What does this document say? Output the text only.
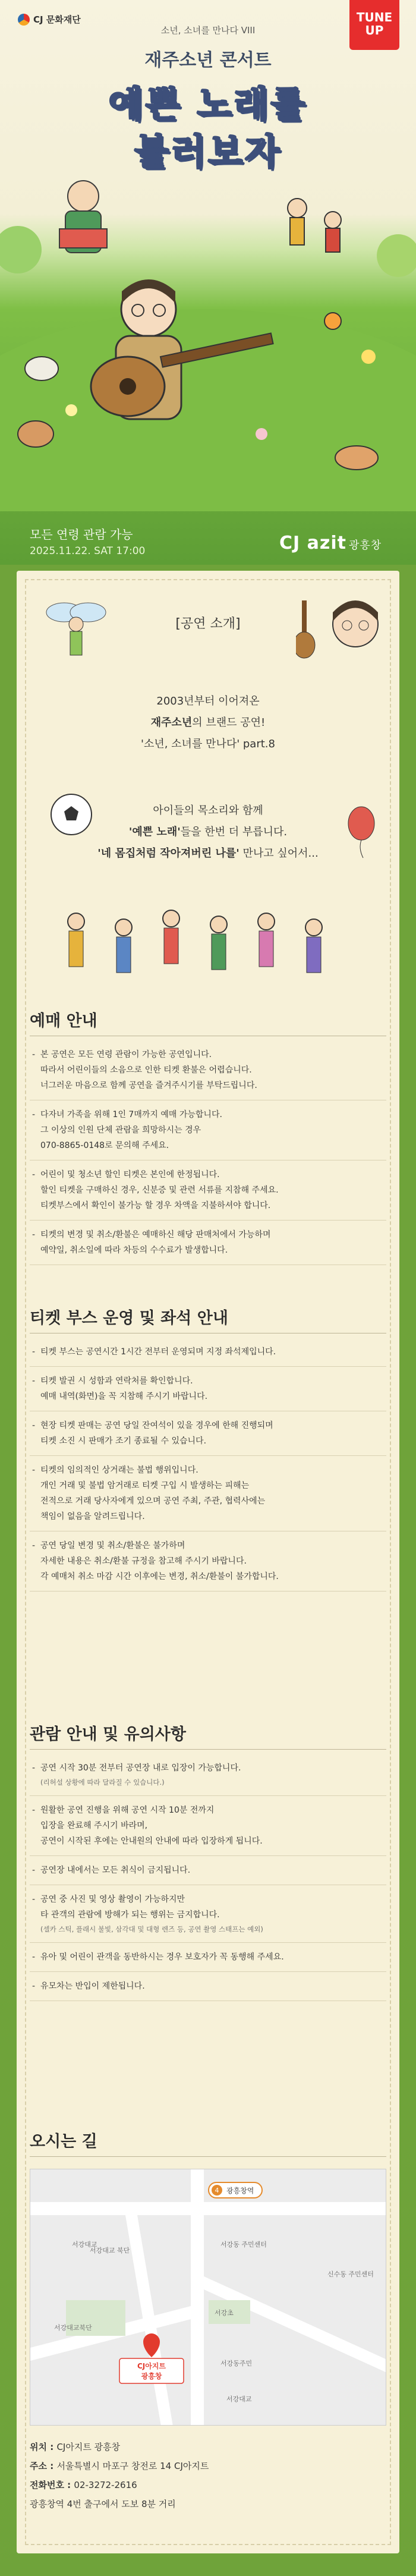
CJ 문화재단
소년, 소녀를 만나다 VIII
TUNE
UP
재주소년 콘서트
예쁜 노래를
불러보자
모든 연령 관람 가능
2025.11.22. SAT 17:00	CJ azit 광흥창
[공연 소개]
2003년부터 이어져온
재주소년의 브랜드 공연!
'소년, 소녀를 만나다' part.8
아이들의 목소리와 함께
'예쁜 노래'들을 한번 더 부릅니다.
'네 몸집처럼 작아져버린 나를' 만나고 싶어서...
예매 안내
- 본 공연은 모든 연령 관람이 가능한 공연입니다.
따라서 어린이들의 소음으로 인한 티켓 환불은 어렵습니다.
너그러운 마음으로 함께 공연을 즐겨주시기를 부탁드립니다.
- 다자녀 가족을 위해 1인 7매까지 예매 가능합니다.
그 이상의 인원 단체 관람을 희망하시는 경우
070-8865-0148로 문의해 주세요.
- 어린이 및 청소년 할인 티켓은 본인에 한정됩니다.
할인 티켓을 구매하신 경우, 신분증 및 관련 서류를 지참해 주세요.
티켓부스에서 확인이 불가능 할 경우 차액을 지불하셔야 합니다.
- 티켓의 변경 및 취소/환불은 예매하신 해당 판매처에서 가능하며
예약일, 취소일에 따라 차등의 수수료가 발생합니다.
티켓 부스 운영 및 좌석 안내
- 티켓 부스는 공연시간 1시간 전부터 운영되며 지정 좌석제입니다.
- 티켓 발권 시 성함과 연락처를 확인합니다.
예매 내역(화면)을 꼭 지참해 주시기 바랍니다.
- 현장 티켓 판매는 공연 당일 잔여석이 있을 경우에 한해 진행되며
티켓 소진 시 판매가 조기 종료될 수 있습니다.
- 티켓의 임의적인 상거래는 불법 행위입니다.
개인 거래 및 불법 암거래로 티켓 구입 시 발생하는 피해는
전적으로 거래 당사자에게 있으며 공연 주최, 주관, 협력사에는
책임이 없음을 알려드립니다.
- 공연 당일 변경 및 취소/환불은 불가하며
자세한 내용은 취소/환불 규정을 참고해 주시기 바랍니다.
각 예매처 취소 마감 시간 이후에는 변경, 취소/환불이 불가합니다.
관람 안내 및 유의사항
- 공연 시작 30분 전부터 공연장 내로 입장이 가능합니다.
(리허설 상황에 따라 달라질 수 있습니다.)
- 원활한 공연 진행을 위해 공연 시작 10분 전까지
입장을 완료해 주시기 바라며,
공연이 시작된 후에는 안내원의 안내에 따라 입장하게 됩니다.
- 공연장 내에서는 모든 취식이 금지됩니다.
- 공연 중 사진 및 영상 촬영이 가능하지만
타 관객의 관람에 방해가 되는 행위는 금지합니다.
(셀카 스틱, 플래시 불빛, 삼각대 및 대형 렌즈 등, 공연 촬영 스태프는 예외)
- 유아 및 어린이 관객을 동반하시는 경우 보호자가 꼭 동행해 주세요.
- 유모차는 반입이 제한됩니다.
오시는 길
4 광흥창역
서강대교	서강동 주민센터
신수동 주민센터
서강대교북단
서강대교 북단
서강초
서강동주민
서강대교
CJ아지트
광흥창
위치 : CJ아지트 광흥창
주소 : 서울특별시 마포구 창전로 14 CJ아지트
전화번호 : 02-3272-2616
광흥창역 4번 출구에서 도보 8분 거리
